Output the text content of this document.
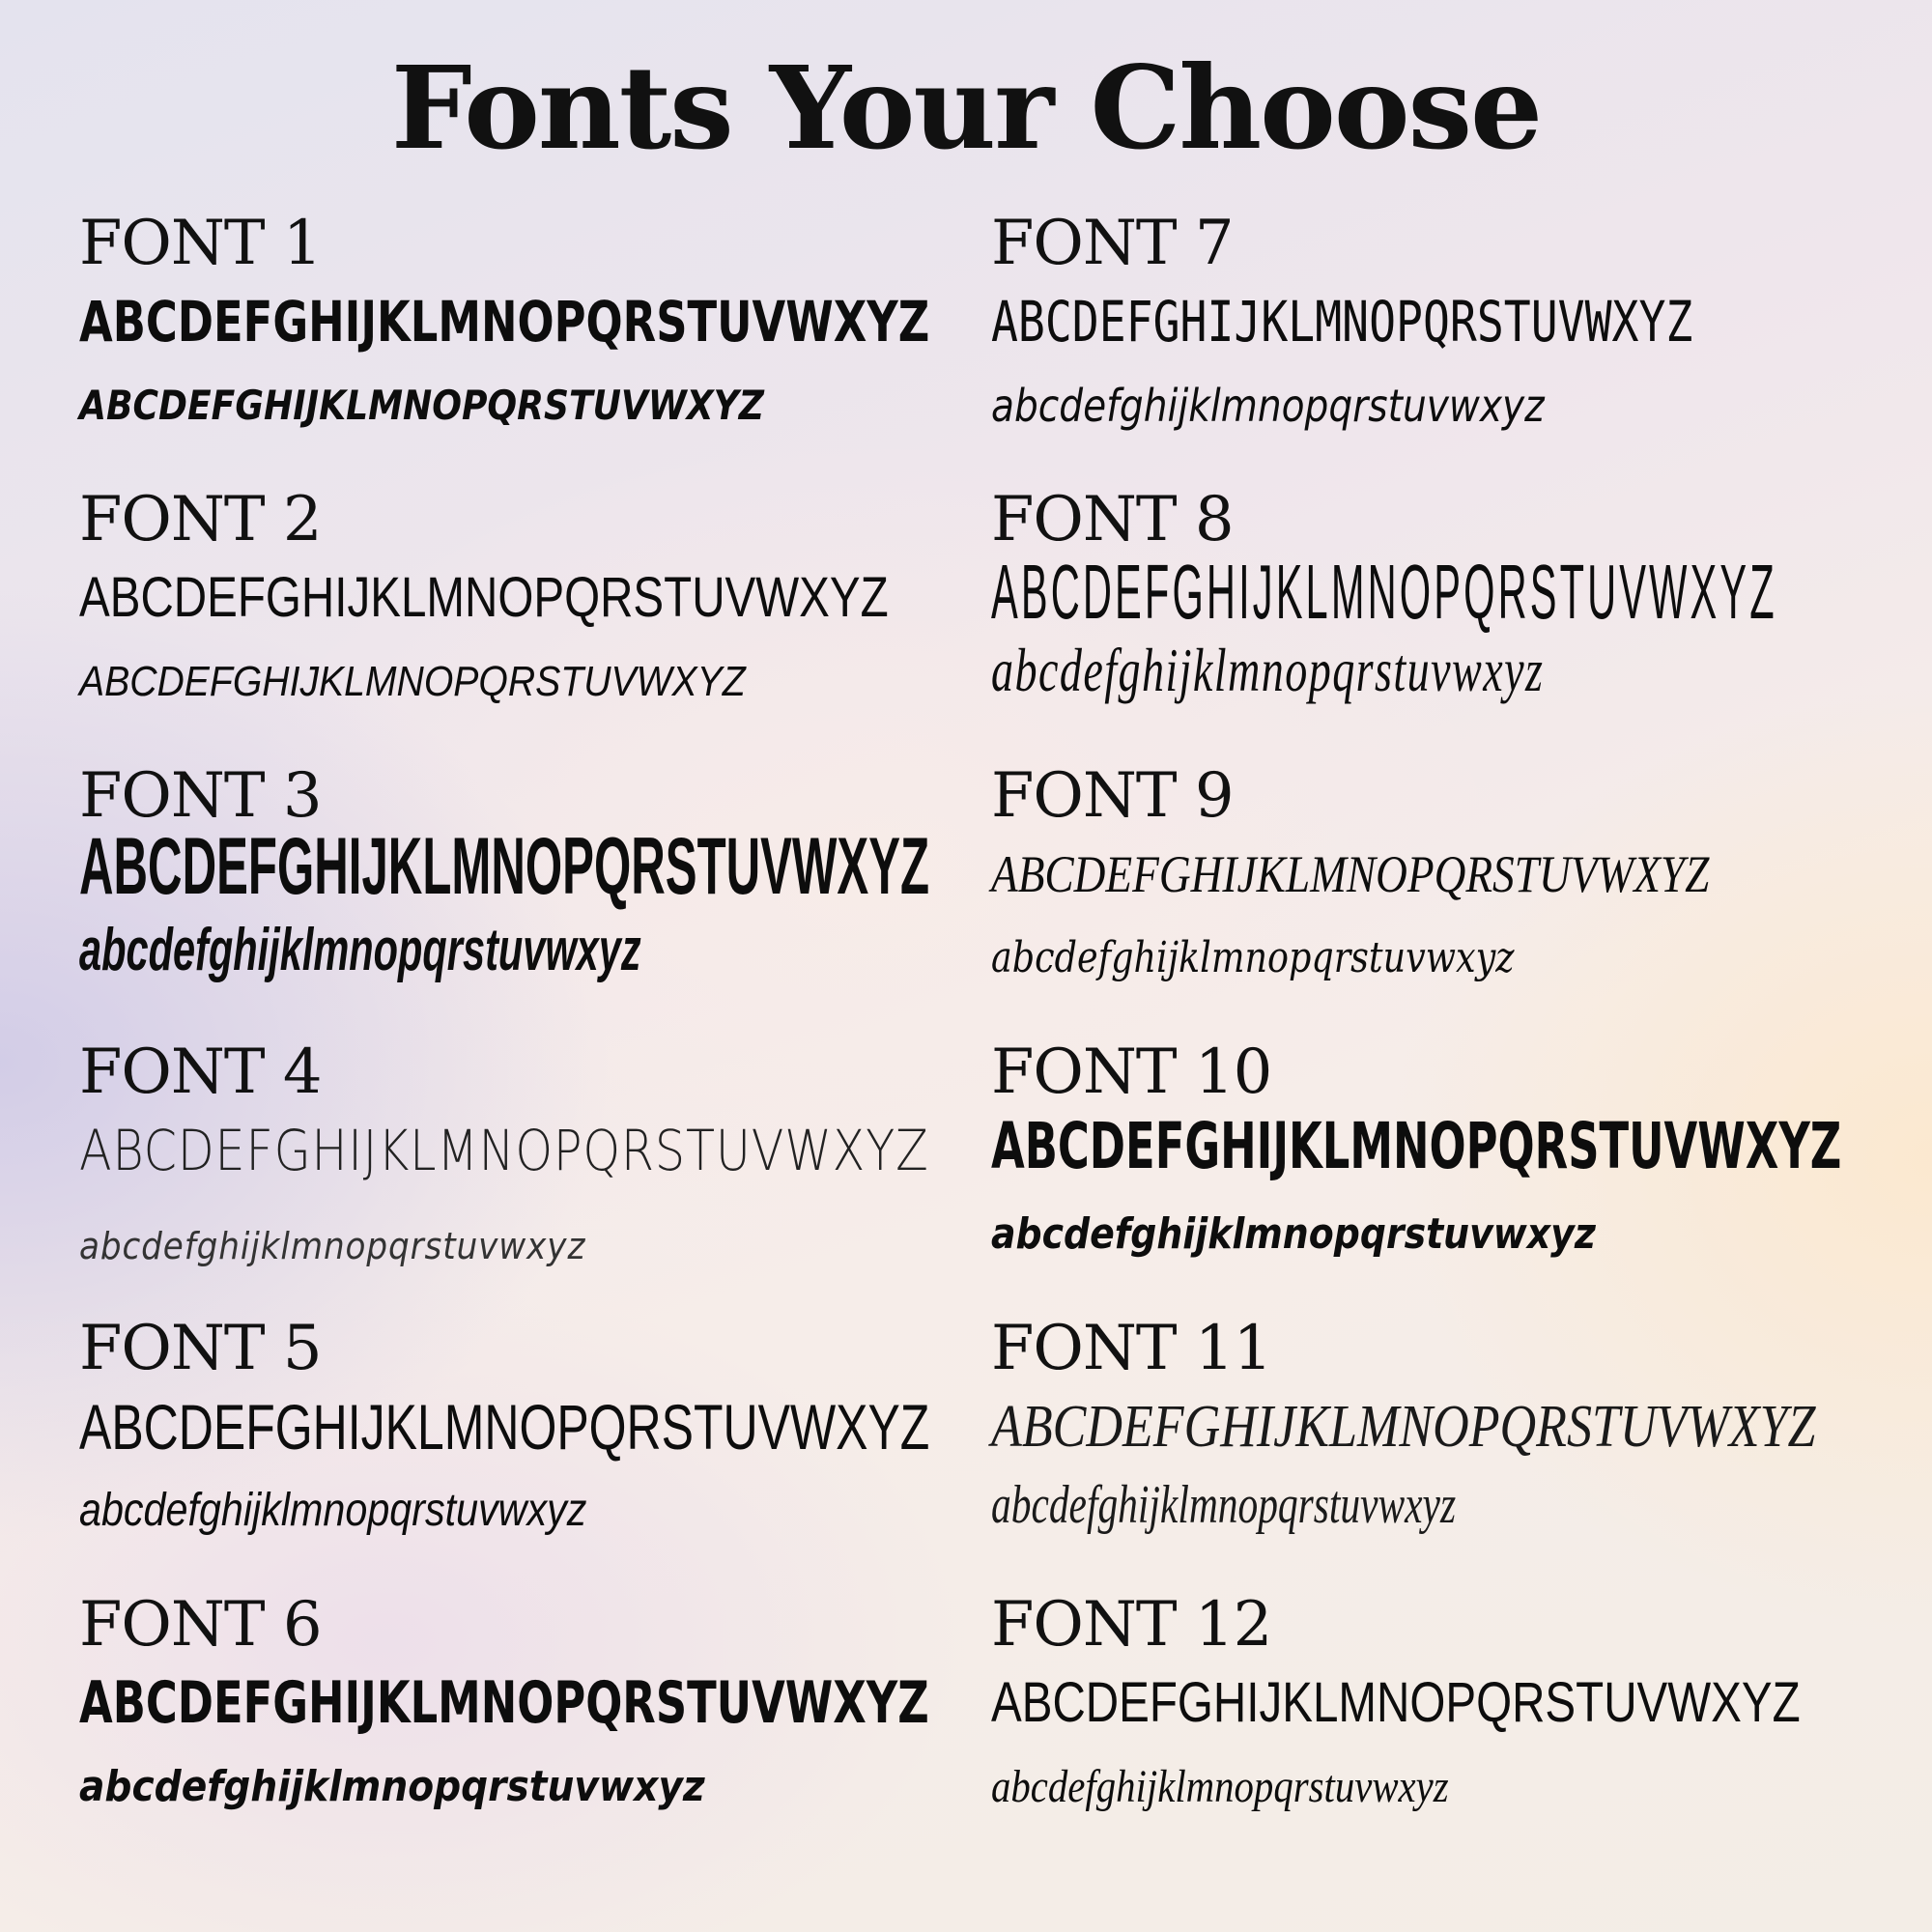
Fonts Your Choose
FONT 1
ABCDEFGHIJKLMNOPQRSTUVWXYZ
ABCDEFGHIJKLMNOPQRSTUVWXYZ
FONT 2
ABCDEFGHIJKLMNOPQRSTUVWXYZ
ABCDEFGHIJKLMNOPQRSTUVWXYZ
FONT 3
ABCDEFGHIJKLMNOPQRSTUVWXYZ
abcdefghijklmnopqrstuvwxyz
FONT 4
ABCDEFGHIJKLMNOPQRSTUVWXYZ
abcdefghijklmnopqrstuvwxyz
FONT 5
ABCDEFGHIJKLMNOPQRSTUVWXYZ
abcdefghijklmnopqrstuvwxyz
FONT 6
ABCDEFGHIJKLMNOPQRSTUVWXYZ
abcdefghijklmnopqrstuvwxyz
FONT 7
ABCDEFGHIJKLMNOPQRSTUVWXYZ
abcdefghijklmnopqrstuvwxyz
FONT 8
ABCDEFGHIJKLMNOPQRSTUVWXYZ
abcdefghijklmnopqrstuvwxyz
FONT 9
ABCDEFGHIJKLMNOPQRSTUVWXYZ
abcdefghijklmnopqrstuvwxyz
FONT 10
ABCDEFGHIJKLMNOPQRSTUVWXYZ
abcdefghijklmnopqrstuvwxyz
FONT 11
ABCDEFGHIJKLMNOPQRSTUVWXYZ
abcdefghijklmnopqrstuvwxyz
FONT 12
ABCDEFGHIJKLMNOPQRSTUVWXYZ
abcdefghijklmnopqrstuvwxyz
